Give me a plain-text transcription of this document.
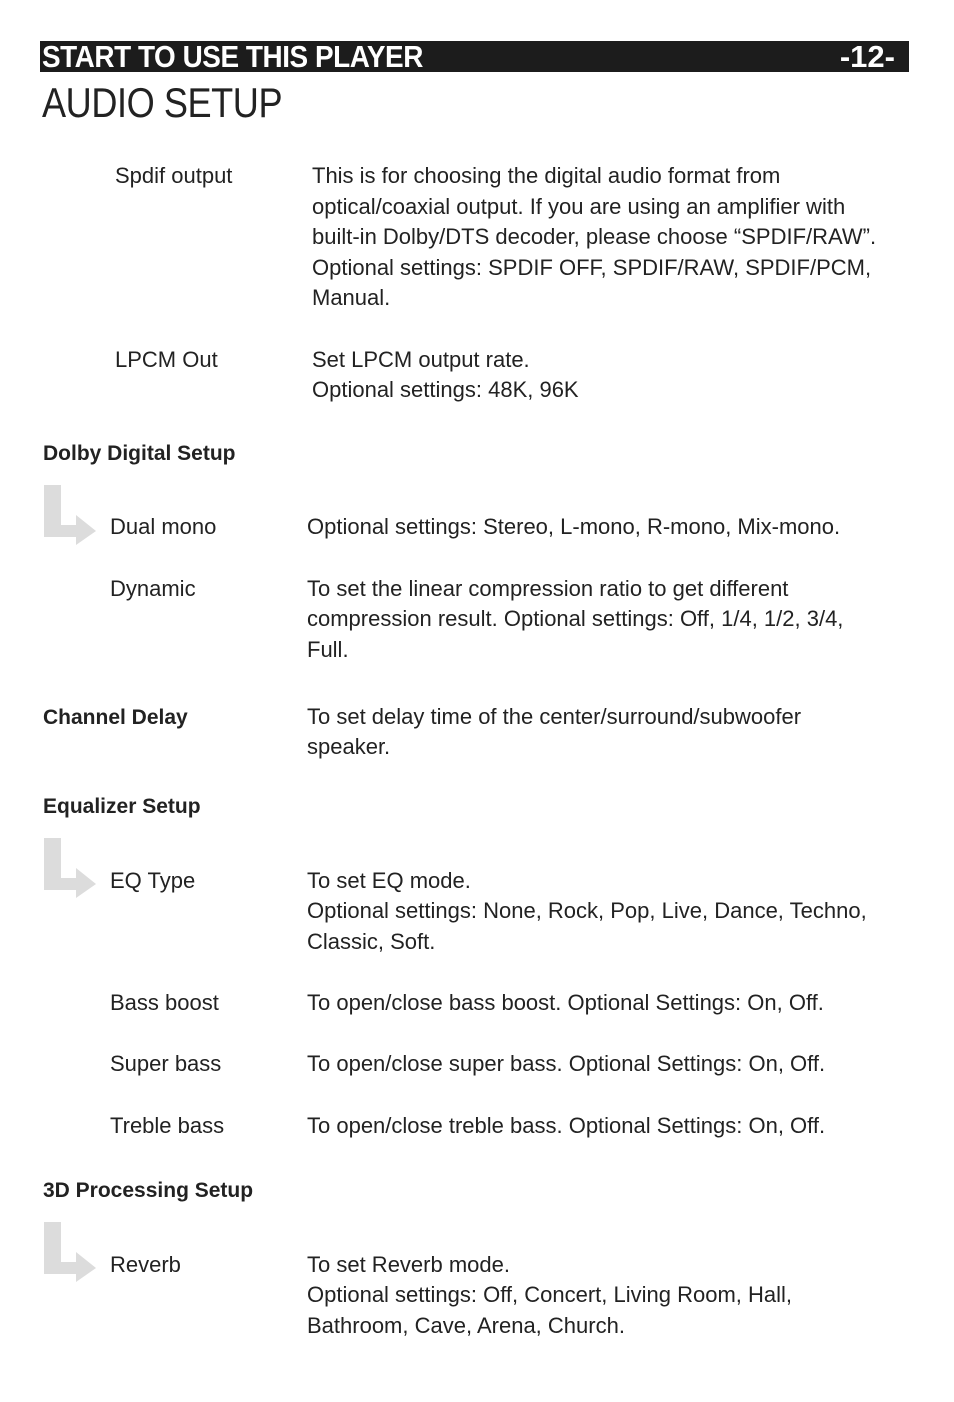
START TO USE THIS PLAYER	-12-
AUDIO SETUP
Spdif output	This is for choosing the digital audio format from
optical/coaxial output. If you are using an amplifier with
built-in Dolby/DTS decoder, please choose “SPDIF/RAW”.
Optional settings: SPDIF OFF, SPDIF/RAW, SPDIF/PCM,
Manual.
LPCM Out	Set LPCM output rate.
Optional settings: 48K, 96K
Dolby Digital Setup
Dual mono	Optional settings: Stereo, L-mono, R-mono, Mix-mono.
Dynamic	To set the linear compression ratio to get different
compression result. Optional settings: Off, 1/4, 1/2, 3/4,
Full.
Channel Delay	To set delay time of the center/surround/subwoofer
speaker.
Equalizer Setup
EQ Type	To set EQ mode.
Optional settings: None, Rock, Pop, Live, Dance, Techno,
Classic, Soft.
Bass boost	To open/close bass boost. Optional Settings: On, Off.
Super bass	To open/close super bass. Optional Settings: On, Off.
Treble bass	To open/close treble bass. Optional Settings: On, Off.
3D Processing Setup
Reverb	To set Reverb mode.
Optional settings: Off, Concert, Living Room, Hall,
Bathroom, Cave, Arena, Church.
